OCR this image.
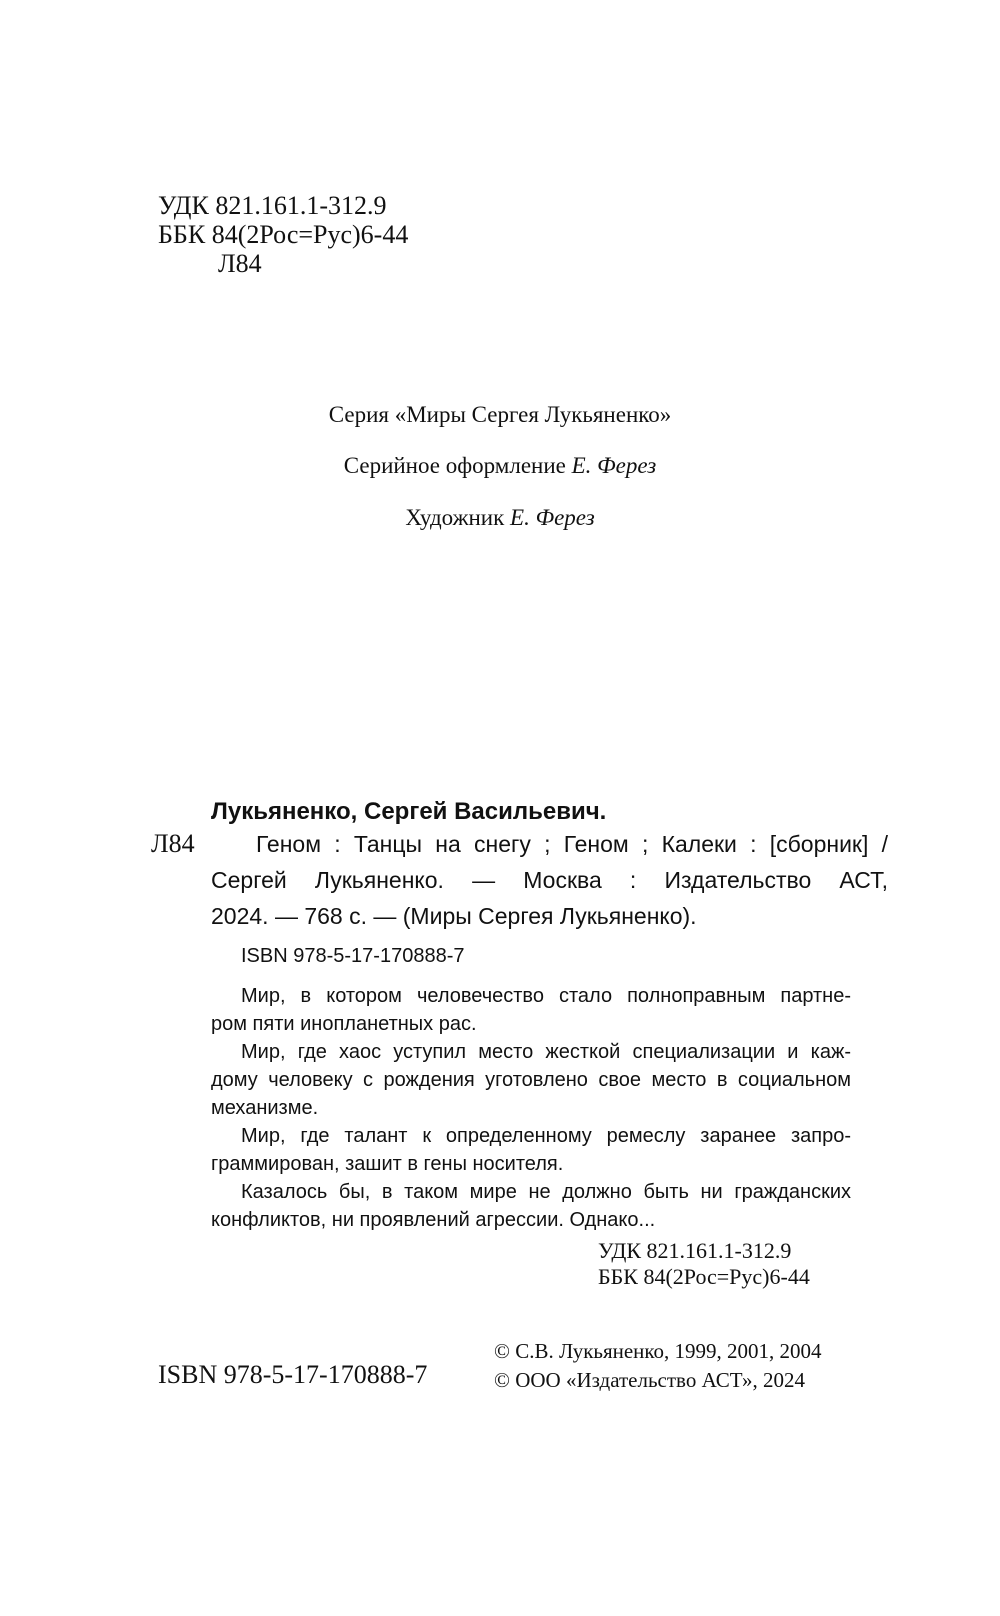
УДК 821.161.1-312.9
ББК 84(2Рос=Рус)6-44
Л84
Серия «Миры Сергея Лукьяненко»
Серийное оформление Е. Ферез
Художник Е. Ферез
Лукьяненко, Сергей Васильевич.
Л84	Геном : Танцы на снегу ; Геном ; Калеки : [сборник] /
Сергей Лукьяненко. — Москва : Издательство АСТ,
2024. — 768 с. — (Миры Сергея Лукьяненко).
ISBN 978-5-17-170888-7
Мир, в котором человечество стало полноправным партне-
ром пяти инопланетных рас.
Мир, где хаос уступил место жесткой специализации и каж-
дому человеку с рождения уготовлено свое место в социальном
механизме.
Мир, где талант к определенному ремеслу заранее запро-
граммирован, зашит в гены носителя.
Казалось бы, в таком мире не должно быть ни гражданских
конфликтов, ни проявлений агрессии. Однако...
УДК 821.161.1-312.9
ББК 84(2Рос=Рус)6-44
ISBN 978-5-17-170888-7
© С.В. Лукьяненко, 1999, 2001, 2004
© ООО «Издательство АСТ», 2024
